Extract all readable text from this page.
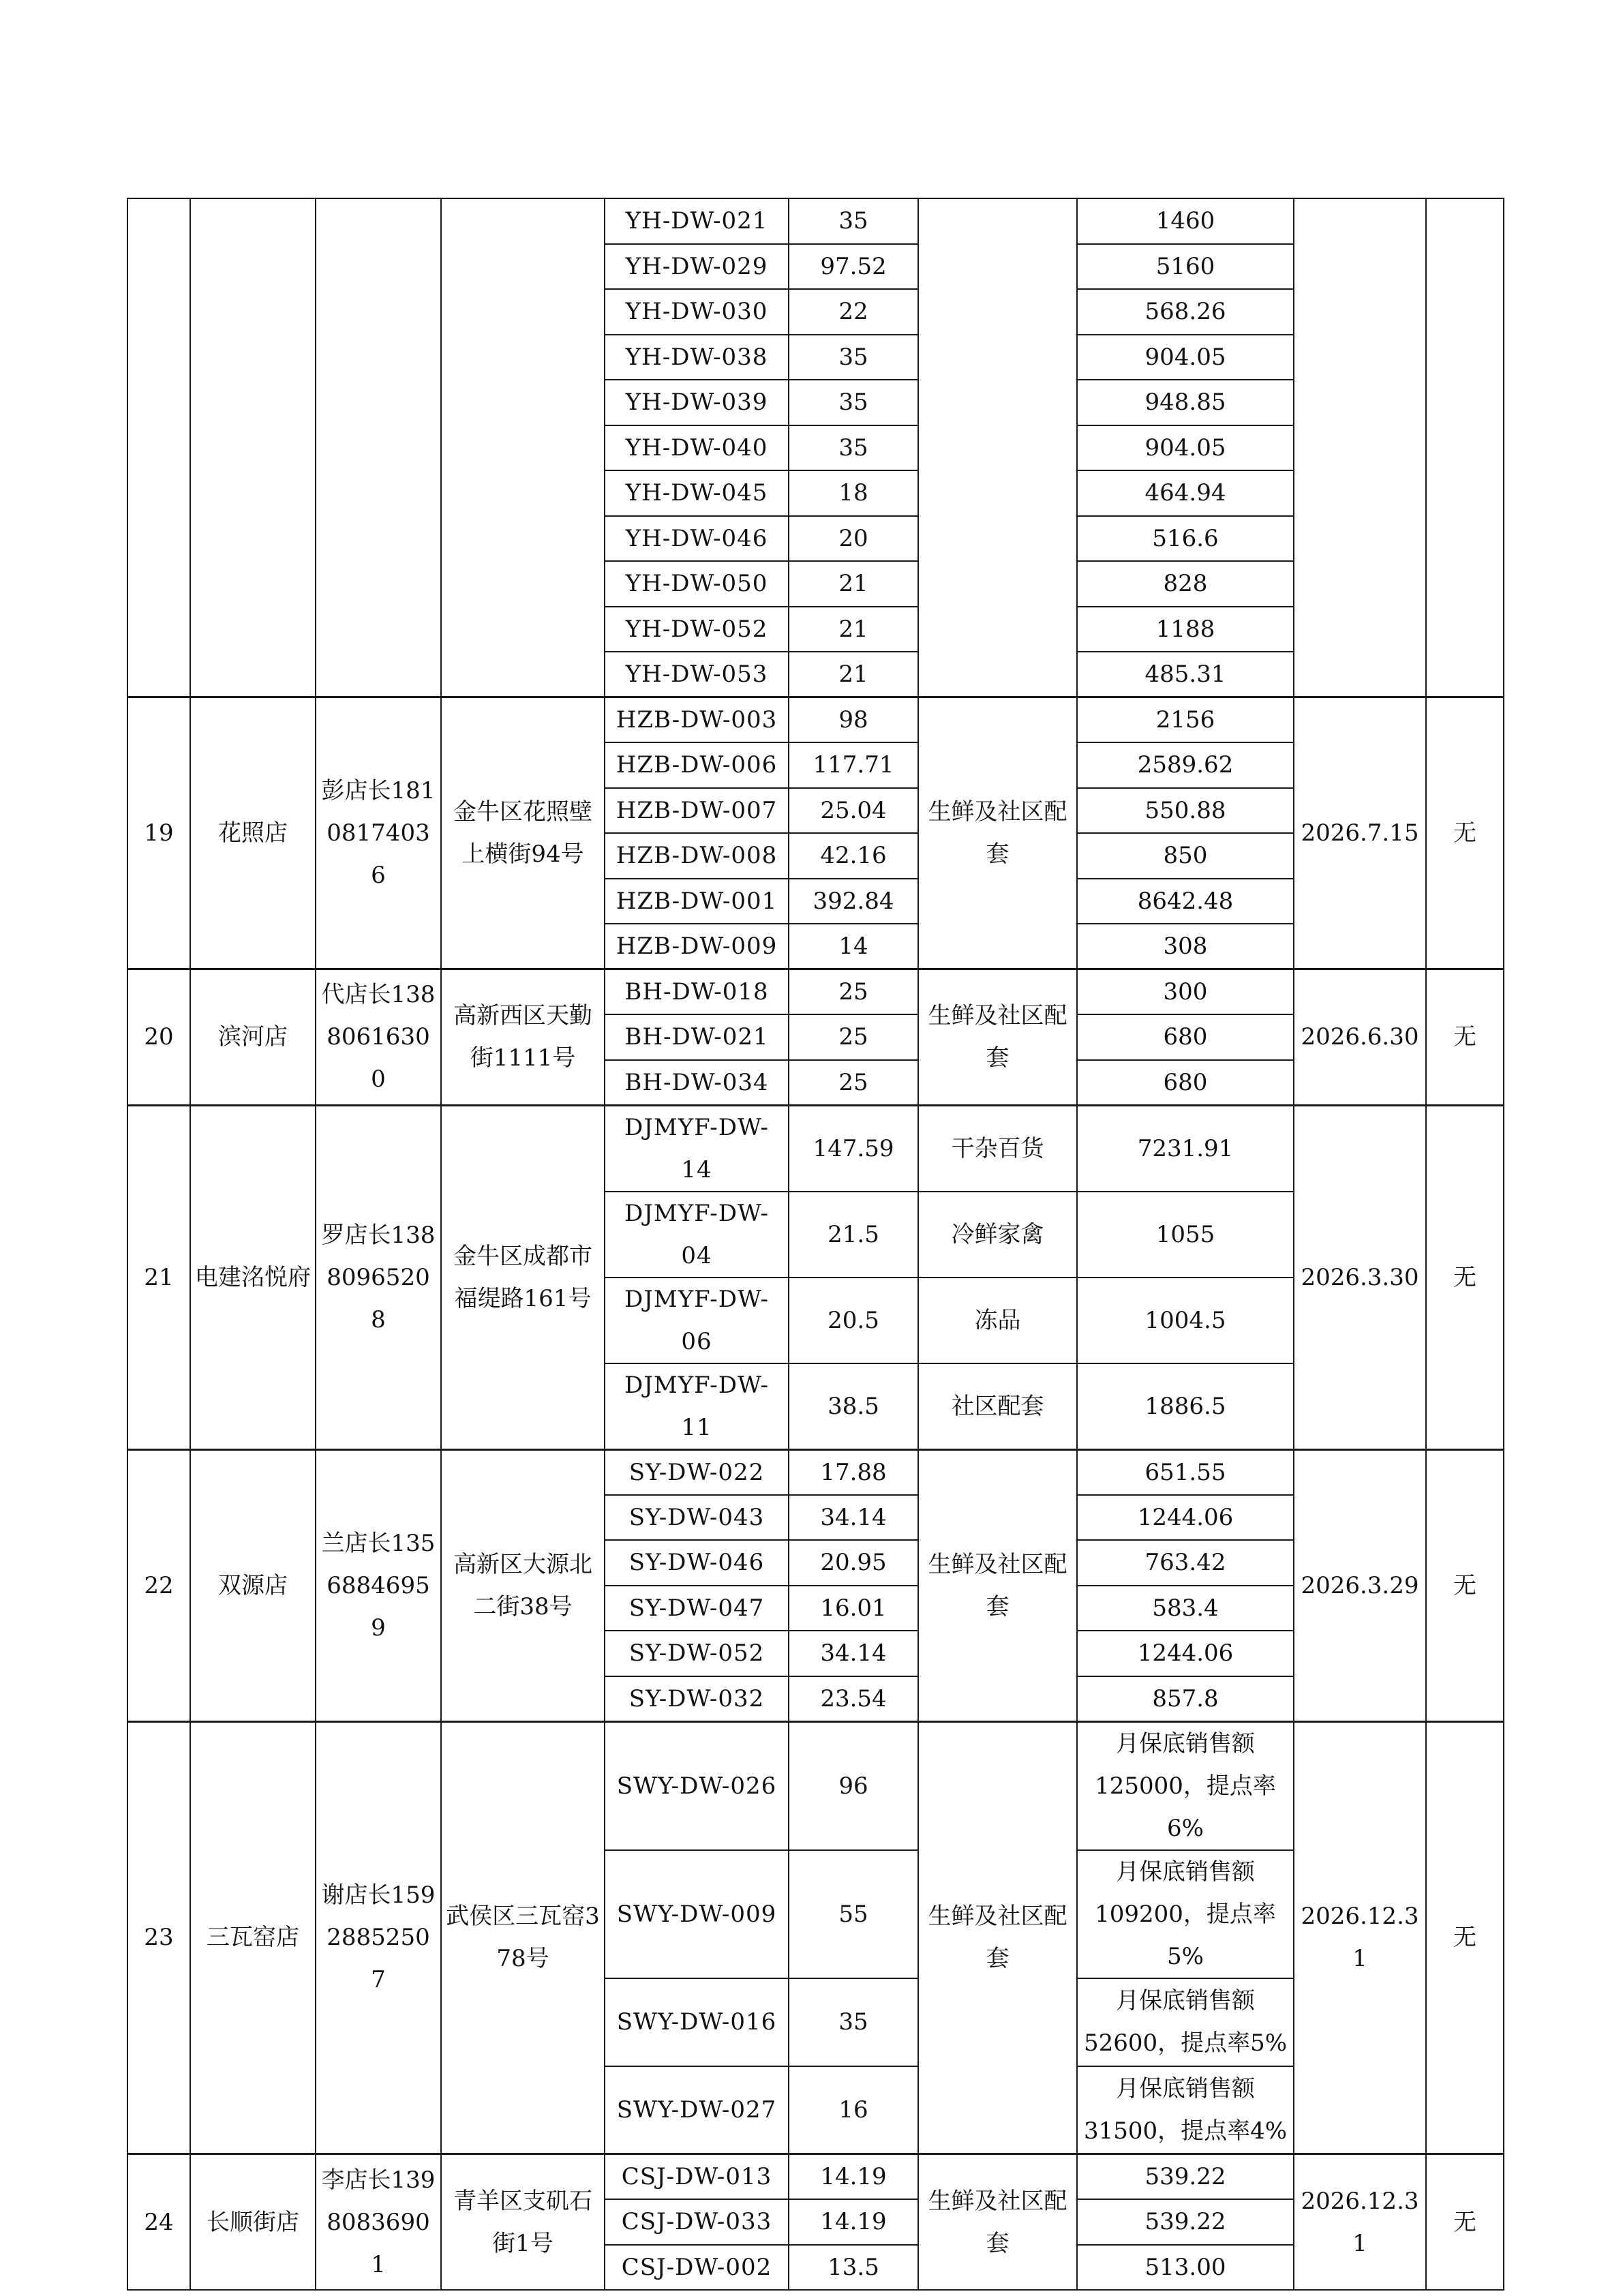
				YH-DW-021	35		1460		
				YH-DW-029	97.52		5160		
				YH-DW-030	22		568.26		
				YH-DW-038	35		904.05		
				YH-DW-039	35		948.85		
				YH-DW-040	35		904.05		
				YH-DW-045	18		464.94		
				YH-DW-046	20		516.6		
				YH-DW-050	21		828		
				YH-DW-052	21		1188		
				YH-DW-053	21		485.31		
19	花照店	彭店长18108174036	金牛区花照壁上横街94号	HZB-DW-003	98	生鲜及社区配套	2156	2026.7.15	无
				HZB-DW-006	117.71		2589.62		
				HZB-DW-007	25.04		550.88		
				HZB-DW-008	42.16		850		
				HZB-DW-001	392.84		8642.48		
				HZB-DW-009	14		308		
20	滨河店	代店长13880616300	高新西区天勤街1111号	BH-DW-018	25	生鲜及社区配套	300	2026.6.30	无
				BH-DW-021	25		680		
				BH-DW-034	25		680		
21	电建洺悦府	罗店长13880965208	金牛区成都市福缇路161号	DJMYF-DW-14	147.59	干杂百货	7231.91	2026.3.30	无
				DJMYF-DW-04	21.5	冷鲜家禽	1055		
				DJMYF-DW-06	20.5	冻品	1004.5		
				DJMYF-DW-11	38.5	社区配套	1886.5		
22	双源店	兰店长13568846959	高新区大源北二街38号	SY-DW-022	17.88	生鲜及社区配套	651.55	2026.3.29	无
				SY-DW-043	34.14		1244.06		
				SY-DW-046	20.95		763.42		
				SY-DW-047	16.01		583.4		
				SY-DW-052	34.14		1244.06		
				SY-DW-032	23.54		857.8		
23	三瓦窑店	谢店长15928852507	武侯区三瓦窑378号	SWY-DW-026	96	生鲜及社区配套	月保底销售额125000，提点率6%	2026.12.31	无
				SWY-DW-009	55		月保底销售额109200，提点率5%		
				SWY-DW-016	35		月保底销售额52600，提点率5%		
				SWY-DW-027	16		月保底销售额31500，提点率4%		
24	长顺街店	李店长13980836901	青羊区支矶石街1号	CSJ-DW-013	14.19	生鲜及社区配套	539.22	2026.12.31	无
				CSJ-DW-033	14.19		539.22		
				CSJ-DW-002	13.5		513.00		
